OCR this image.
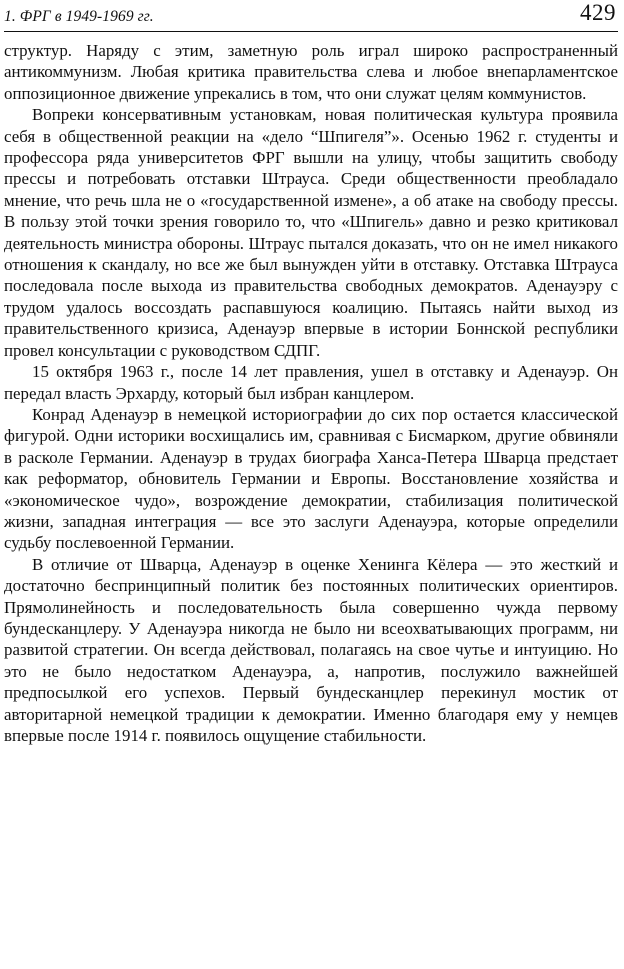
1. ФРГ в 1949-1969 гг.	429

структур. Наряду с этим, заметную роль играл широко распространенный антикоммунизм. Любая критика правительства слева и любое внепарламентское оппозиционное движение упрекались в том, что они служат целям коммунистов.

Вопреки консервативным установкам, новая политическая культура проявила себя в общественной реакции на «дело “Шпигеля”». Осенью 1962 г. студенты и профессора ряда университетов ФРГ вышли на улицу, чтобы защитить свободу прессы и потребовать отставки Штрауса. Среди общественности преобладало мнение, что речь шла не о «государственной измене», а об атаке на свободу прессы. В пользу этой точки зрения говорило то, что «Шпигель» давно и резко критиковал деятельность министра обороны. Штраус пытался доказать, что он не имел никакого отношения к скандалу, но все же был вынужден уйти в отставку. Отставка Штрауса последовала после выхода из правительства свободных демократов. Аденауэру с трудом удалось воссоздать распавшуюся коалицию. Пытаясь найти выход из правительственного кризиса, Аденауэр впервые в истории Боннской республики провел консультации с руководством СДПГ.

15 октября 1963 г., после 14 лет правления, ушел в отставку и Аденауэр. Он передал власть Эрхарду, который был избран канцлером.

Конрад Аденауэр в немецкой историографии до сих пор остается классической фигурой. Одни историки восхищались им, сравнивая с Бисмарком, другие обвиняли в расколе Германии. Аденауэр в трудах биографа Ханса-Петера Шварца предстает как реформатор, обновитель Германии и Европы. Восстановление хозяйства и «экономическое чудо», возрождение демократии, стабилизация политической жизни, западная интеграция — все это заслуги Аденауэра, которые определили судьбу послевоенной Германии.

В отличие от Шварца, Аденауэр в оценке Хенинга Кёлера — это жесткий и достаточно беспринципный политик без постоянных политических ориентиров. Прямолинейность и последовательность была совершенно чужда первому бундесканцлеру. У Аденауэра никогда не было ни всеохватывающих программ, ни развитой стратегии. Он всегда действовал, полагаясь на свое чутье и интуицию. Но это не было недостатком Аденауэра, а, напротив, послужило важнейшей предпосылкой его успехов. Первый бундесканцлер перекинул мостик от авторитарной немецкой традиции к демократии. Именно благодаря ему у немцев впервые после 1914 г. появилось ощущение стабильности.
